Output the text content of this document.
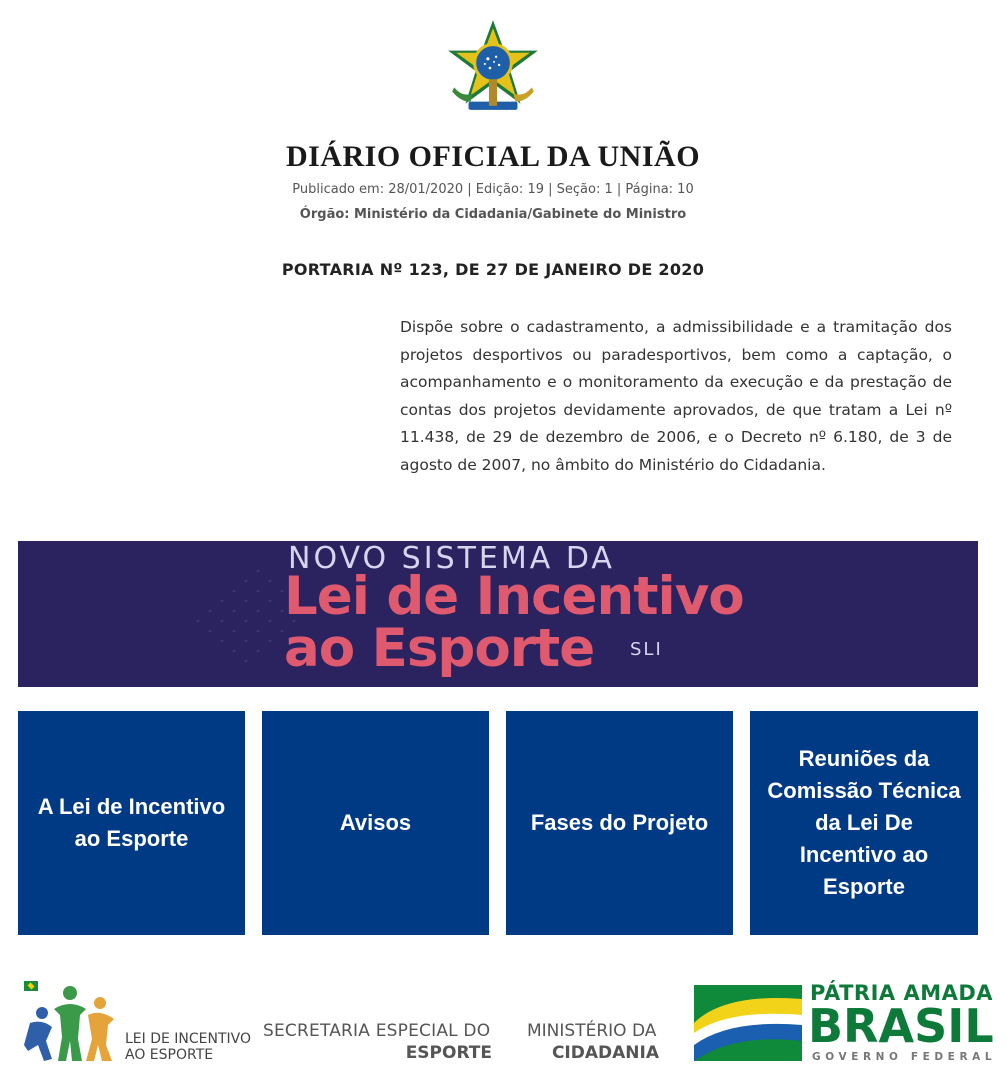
DIÁRIO OFICIAL DA UNIÃO
Publicado em: 28/01/2020 | Edição: 19 | Seção: 1 | Página: 10
Órgão: Ministério da Cidadania/Gabinete do Ministro
PORTARIA Nº 123, DE 27 DE JANEIRO DE 2020
Dispõe sobre o cadastramento, a admissibilidade e a tramitação dos projetos desportivos ou paradesportivos, bem como a captação, o acompanhamento e o monitoramento da execução e da prestação de contas dos projetos devidamente aprovados, de que tratam a Lei nº 11.438, de 29 de dezembro de 2006, e o Decreto nº 6.180, de 3 de agosto de 2007, no âmbito do Ministério do Cidadania.
NOVO SISTEMA DA
Lei de Incentivo
ao Esporte SLI
A Lei de Incentivo ao Esporte
Avisos	Fases do Projeto
Reuniões da Comissão Técnica da Lei De Incentivo ao Esporte
LEI DE INCENTIVO
AO ESPORTE
SECRETARIA ESPECIAL DO
ESPORTE
MINISTÉRIO DA
CIDADANIA
PÁTRIA AMADA
BRASIL
GOVERNO FEDERAL
